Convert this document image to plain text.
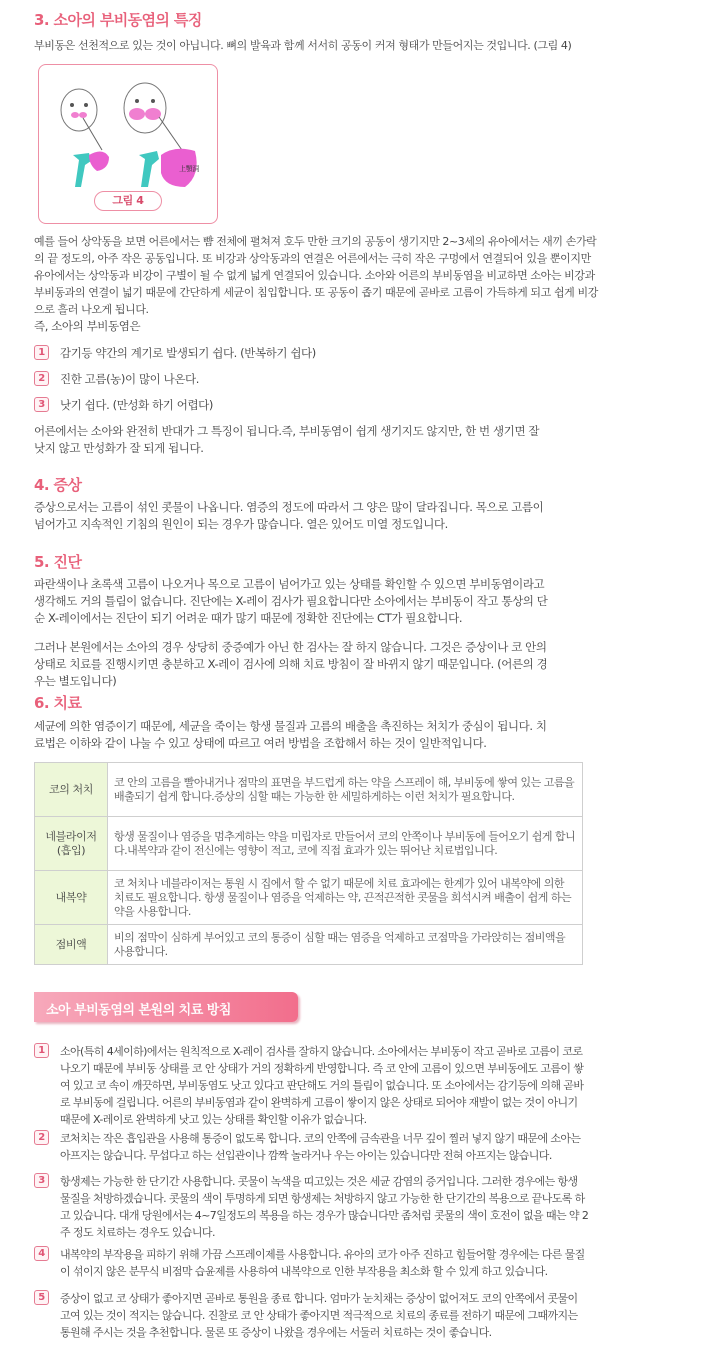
3. 소아의 부비동염의 특징

부비동은 선천적으로 있는 것이 아닙니다. 뼈의 발육과 함께 서서히 공동이 커져 형태가 만들어지는 것입니다. (그림 4)

上顎洞
그림 4

예를 들어 상악동을 보면 어른에서는 뺨 전체에 펼쳐져 호두 만한 크기의 공동이 생기지만 2~3세의 유아에서는 새끼 손가락의 끝 정도의, 아주 작은 공동입니다. 또 비강과 상악동과의 연결은 어른에서는 극히 작은 구멍에서 연결되어 있을 뿐이지만 유아에서는 상악동과 비강이 구별이 될 수 없게 넓게 연결되어 있습니다. 소아와 어른의 부비동염을 비교하면 소아는 비강과 부비동과의 연결이 넓기 때문에 간단하게 세균이 침입합니다. 또 공동이 좁기 때문에 곧바로 고름이 가득하게 되고 쉽게 비강으로 흘러 나오게 됩니다.

즉, 소아의 부비동염은

1 감기등 약간의 계기로 발생되기 쉽다. (반복하기 쉽다)
2 진한 고름(농)이 많이 나온다.
3 낫기 쉽다. (만성화 하기 어렵다)

어른에서는 소아와 완전히 반대가 그 특징이 됩니다.즉, 부비동염이 쉽게 생기지도 않지만, 한 번 생기면 잘 낫지 않고 만성화가 잘 되게 됩니다.

4. 증상

증상으로서는 고름이 섞인 콧물이 나옵니다. 염증의 정도에 따라서 그 양은 많이 달라집니다. 목으로 고름이 넘어가고 지속적인 기침의 원인이 되는 경우가 많습니다. 열은 있어도 미열 정도입니다.

5. 진단

파란색이나 초록색 고름이 나오거나 목으로 고름이 넘어가고 있는 상태를 확인할 수 있으면 부비동염이라고 생각해도 거의 틀림이 없습니다. 진단에는 X-레이 검사가 필요합니다만 소아에서는 부비동이 작고 통상의 단순 X-레이에서는 진단이 되기 어려운 때가 많기 때문에 정확한 진단에는 CT가 필요합니다.

그러나 본원에서는 소아의 경우 상당히 중증예가 아닌 한 검사는 잘 하지 않습니다. 그것은 증상이나 코 안의 상태로 치료를 진행시키면 충분하고 X-레이 검사에 의해 치료 방침이 잘 바뀌지 않기 때문입니다. (어른의 경우는 별도입니다)

6. 치료

세균에 의한 염증이기 때문에, 세균을 죽이는 항생 물질과 고름의 배출을 촉진하는 처치가 중심이 됩니다. 치료법은 이하와 같이 나눌 수 있고 상태에 따르고 여러 방법을 조합해서 하는 것이 일반적입니다.

코의 처치	코 안의 고름을 빨아내거나 점막의 표면을 부드럽게 하는 약을 스프레이 해, 부비동에 쌓여 있는 고름을 배출되기 쉽게 합니다.증상의 심할 때는 가능한 한 세밀하게하는 이런 처치가 필요합니다.
네블라이저(흡입)	항생 물질이나 염증을 멈추게하는 약을 미립자로 만들어서 코의 안쪽이나 부비동에 들어오기 쉽게 합니다.내복약과 같이 전신에는 영향이 적고, 코에 직접 효과가 있는 뛰어난 치료법입니다.
내복약	코 처치나 네블라이저는 통원 시 집에서 할 수 없기 때문에 치료 효과에는 한계가 있어 내복약에 의한 치료도 필요합니다. 항생 물질이나 염증을 억제하는 약, 끈적끈적한 콧물을 희석시켜 배출이 쉽게 하는 약을 사용합니다.
점비액	비의 점막이 심하게 부어있고 코의 통증이 심할 때는 염증을 억제하고 코점막을 가라앉히는 점비액을 사용합니다.
소아 부비동염의 본원의 치료 방침
1 소아(특히 4세이하)에서는 원칙적으로 X-레이 검사를 잘하지 않습니다. 소아에서는 부비동이 작고 곧바로 고름이 코로 나오기 때문에 부비동 상태를 코 안 상태가 거의 정확하게 반영합니다. 즉 코 안에 고름이 있으면 부비동에도 고름이 쌓여 있고 코 속이 깨끗하면, 부비동염도 낫고 있다고 판단해도 거의 틀림이 없습니다. 또 소아에서는 감기등에 의해 곧바로 부비동에 걸립니다. 어른의 부비동염과 같이 완벽하게 고름이 쌓이지 않은 상태로 되어야 재발이 없는 것이 아니기 때문에 X-레이로 완벽하게 낫고 있는 상태를 확인할 이유가 없습니다.
2 코처치는 작은 흡입관을 사용해 통증이 없도록 합니다. 코의 안쪽에 금속관을 너무 깊이 찔러 넣지 않기 때문에 소아는 아프지는 않습니다. 무섭다고 하는 선입관이나 깜짝 놀라거나 우는 아이는 있습니다만 전혀 아프지는 않습니다.
3 항생제는 가능한 한 단기간 사용합니다. 콧물이 녹색을 띠고있는 것은 세균 감염의 증거입니다. 그러한 경우에는 항생 물질을 처방하겠습니다. 콧물의 색이 투명하게 되면 항생제는 처방하지 않고 가능한 한 단기간의 복용으로 끝나도록 하고 있습니다. 대개 당원에서는 4~7일정도의 복용을 하는 경우가 많습니다만 좀처럼 콧물의 색이 호전이 없을 때는 약 2주 정도 치료하는 경우도 있습니다.
4 내복약의 부작용을 피하기 위해 가끔 스프레이제를 사용합니다. 유아의 코가 아주 진하고 힘들어할 경우에는 다른 물질이 섞이지 않은 분무식 비점막 습윤제를 사용하여 내복약으로 인한 부작용을 최소화 할 수 있게 하고 있습니다.
5 증상이 없고 코 상태가 좋아지면 곧바로 통원을 종료 합니다. 엄마가 눈치채는 증상이 없어져도 코의 안쪽에서 콧물이 고여 있는 것이 적지는 않습니다. 진찰로 코 안 상태가 좋아지면 적극적으로 치료의 종료를 전하기 때문에 그때까지는 통원해 주시는 것을 추천합니다. 물론 또 증상이 나왔을 경우에는 서둘러 치료하는 것이 좋습니다.
